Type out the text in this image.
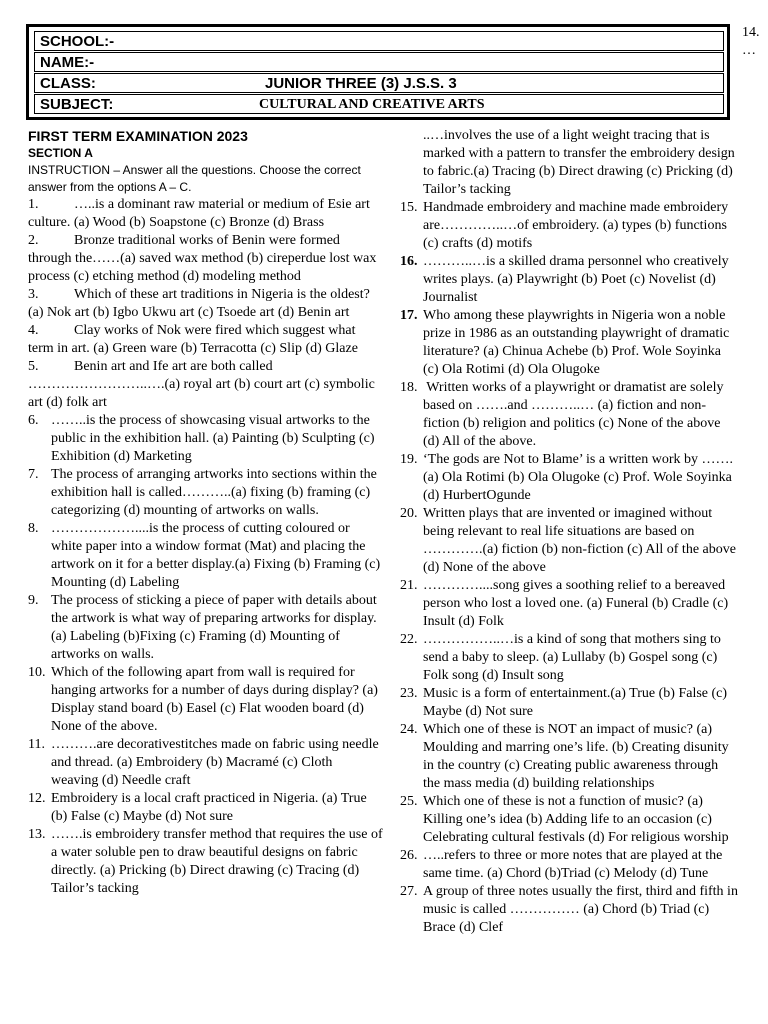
SCHOOL:-
NAME:-
CLASS:	JUNIOR THREE (3) J.S.S. 3
SUBJECT:	CULTURAL AND CREATIVE ARTS
14.
…
FIRST TERM EXAMINATION 2023
SECTION A
INSTRUCTION – Answer all the questions. Choose the correct answer from the options A – C.

1.	…..is a dominant raw material or medium of Esie art culture. (a) Wood (b) Soapstone (c) Bronze (d) Brass

2.	Bronze traditional works of Benin were formed through the……(a) saved wax method (b) cireperdue lost wax process (c) etching method (d) modeling method

3.	Which of these art traditions in Nigeria is the oldest? (a) Nok art (b) Igbo Ukwu art (c) Tsoede art (d) Benin art

4.	Clay works of Nok were fired which suggest what term in art. (a) Green ware (b) Terracotta (c) Slip (d) Glaze

5.	Benin art and Ife art are both called ……………………..….(a) royal art (b) court art (c) symbolic art (d) folk art

6. ……..is the process of showcasing visual artworks to the public in the exhibition hall. (a) Painting (b) Sculpting (c) Exhibition (d) Marketing

7. The process of arranging artworks into sections within the exhibition hall is called………..(a) fixing (b) framing (c) categorizing (d) mounting of artworks on walls.

8. ………………....is the process of cutting coloured or white paper into a window format (Mat) and placing the artwork on it for a better display.(a) Fixing (b) Framing (c) Mounting (d) Labeling

9. The process of sticking a piece of paper with details about the artwork is what way of preparing artworks for display.(a) Labeling (b)Fixing (c) Framing (d) Mounting of artworks on walls.

10. Which of the following apart from wall is required for hanging artworks for a number of days during display? (a) Display stand board (b) Easel (c) Flat wooden board (d) None of the above.

11. ……….are decorativestitches made on fabric using needle and thread. (a) Embroidery (b) Macramé (c) Cloth weaving (d) Needle craft

12. Embroidery is a local craft practiced in Nigeria. (a) True (b) False (c) Maybe (d) Not sure

13. …….is embroidery transfer method that requires the use of a water soluble pen to draw beautiful designs on fabric directly. (a) Pricking (b) Direct drawing (c) Tracing (d) Tailor’s tacking

..…involves the use of a light weight tracing that is marked with a pattern to transfer the embroidery design to fabric.(a) Tracing (b) Direct drawing (c) Pricking (d) Tailor’s tacking

15. Handmade embroidery and machine made embroidery are…………..…of embroidery. (a) types (b) functions (c) crafts (d) motifs

16. ………..…is a skilled drama personnel who creatively writes plays. (a) Playwright (b) Poet (c) Novelist (d) Journalist

17. Who among these playwrights in Nigeria won a noble prize in 1986 as an outstanding playwright of dramatic literature? (a) Chinua Achebe (b) Prof. Wole Soyinka (c) Ola Rotimi (d) Ola Olugoke

18. Written works of a playwright or dramatist are solely based on …….and ………..… (a) fiction and non-fiction (b) religion and politics (c) None of the above (d) All of the above.

19. ‘The gods are Not to Blame’ is a written work by …….(a) Ola Rotimi (b) Ola Olugoke (c) Prof. Wole Soyinka (d) HurbertOgunde

20. Written plays that are invented or imagined without being relevant to real life situations are based on ………….(a) fiction (b) non-fiction (c) All of the above (d) None of the above

21. …………....song gives a soothing relief to a bereaved person who lost a loved one. (a) Funeral (b) Cradle (c) Insult (d) Folk

22. ……………..…is a kind of song that mothers sing to send a baby to sleep. (a) Lullaby (b) Gospel song (c) Folk song (d) Insult song

23. Music is a form of entertainment.(a) True (b) False (c) Maybe (d) Not sure

24. Which one of these is NOT an impact of music? (a) Moulding and marring one’s life. (b) Creating disunity in the country (c) Creating public awareness through the mass media (d) building relationships

25. Which one of these is not a function of music? (a) Killing one’s idea (b) Adding life to an occasion (c) Celebrating cultural festivals (d) For religious worship

26. …..refers to three or more notes that are played at the same time. (a) Chord (b)Triad (c) Melody (d) Tune

27. A group of three notes usually the first, third and fifth in music is called …………… (a) Chord (b) Triad (c) Brace (d) Clef
